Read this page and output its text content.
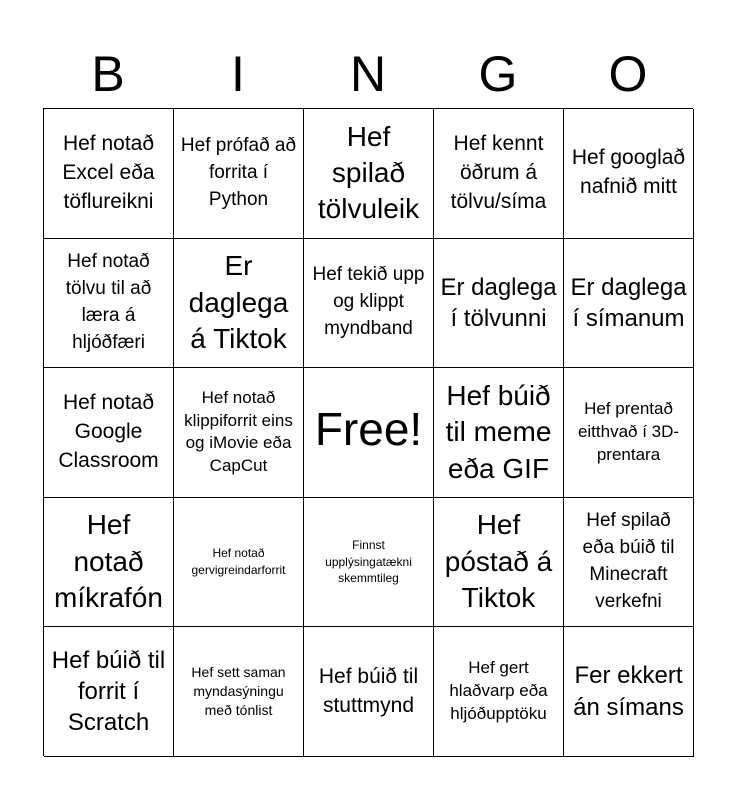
B	I	N	G	O
Hef notað Excel eða töflureikni
Hef prófað að forrita í Python
Hef spilað tölvuleik
Hef kennt öðrum á tölvu/síma
Hef googlað nafnið mitt
Hef notað tölvu til að læra á hljóðfæri
Er daglega á Tiktok
Hef tekið upp og klippt myndband
Er daglega í tölvunni
Er daglega í símanum
Hef notað Google Classroom
Hef notað klippiforrit eins og iMovie eða CapCut
Free!
Hef búið til meme eða GIF
Hef prentað eitthvað í 3D-prentara
Hef notað míkrafón
Hef notað gervigreindarforrit
Finnst upplýsingatækni skemmtileg
Hef póstað á Tiktok
Hef spilað eða búið til Minecraft verkefni
Hef búið til forrit í Scratch
Hef sett saman myndasýningu með tónlist
Hef búið til stuttmynd
Hef gert hlaðvarp eða hljóðupptöku
Fer ekkert án símans
